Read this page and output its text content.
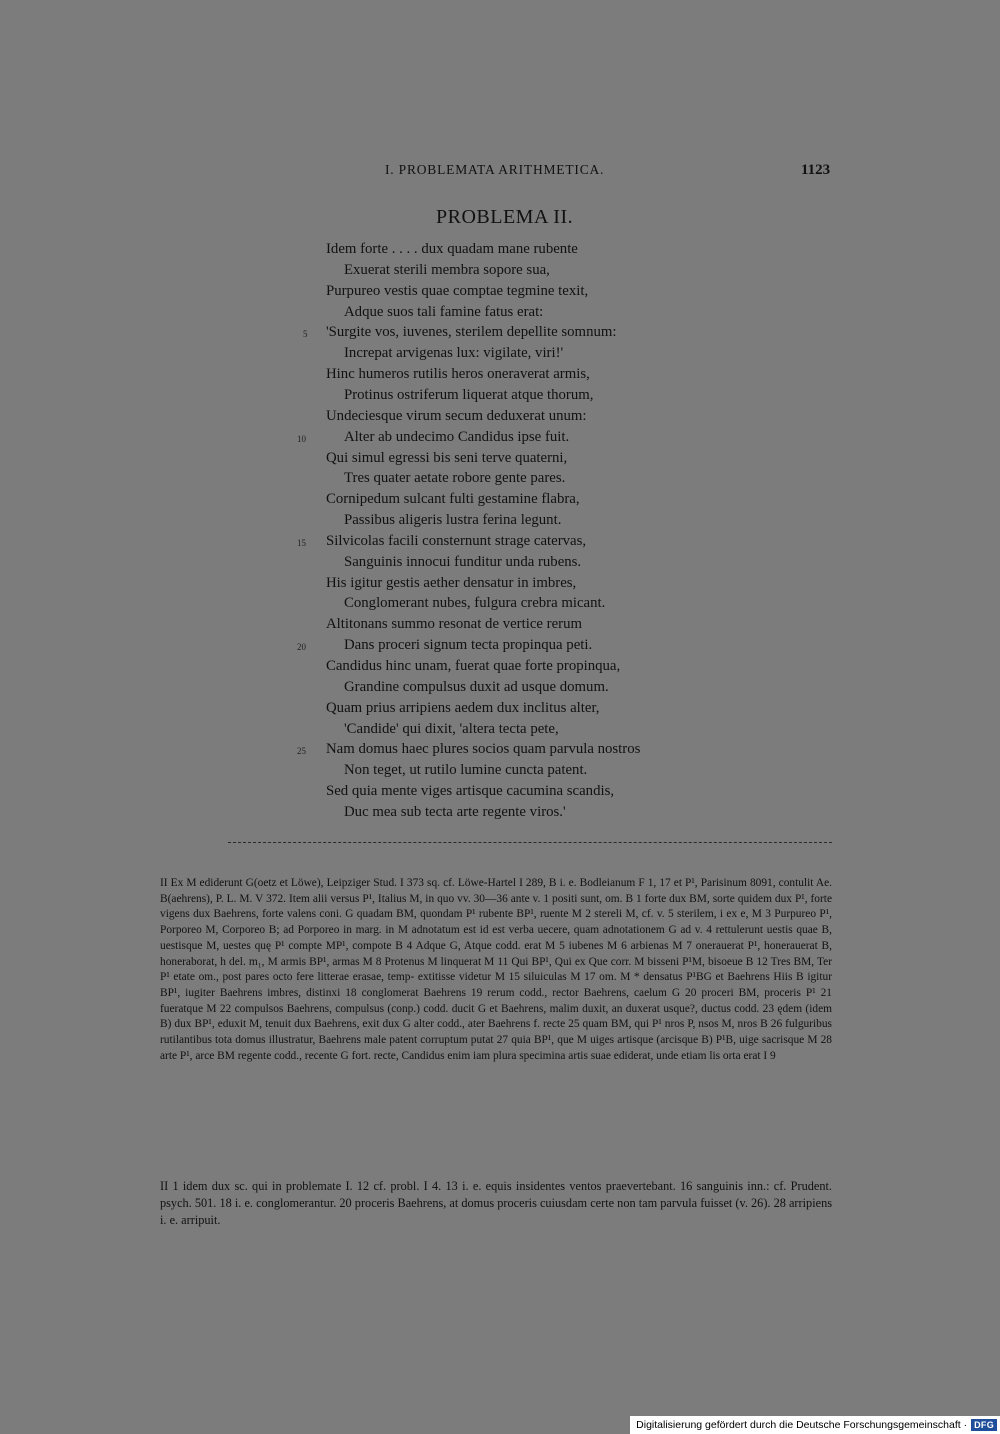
I. PROBLEMATA ARITHMETICA.	1123
PROBLEMA II.
Idem forte . . . . dux quadam mane rubente
Exuerat sterili membra sopore sua,
Purpureo vestis quae comptae tegmine texit,
Adque suos tali famine fatus erat:
'Surgite vos, iuvenes, sterilem depellite somnum:
Increpat arvigenas lux: vigilate, viri!'
Hinc humeros rutilis heros oneraverat armis,
Protinus ostriferum liquerat atque thorum,
Undeciesque virum secum deduxerat unum:
Alter ab undecimo Candidus ipse fuit.
Qui simul egressi bis seni terve quaterni,
Tres quater aetate robore gente pares.
Cornipedum sulcant fulti gestamine flabra,
Passibus aligeris lustra ferina legunt.
Silvicolas facili consternunt strage catervas,
Sanguinis innocui funditur unda rubens.
His igitur gestis aether densatur in imbres,
Conglomerant nubes, fulgura crebra micant.
Altitonans summo resonat de vertice rerum
Dans proceri signum tecta propinqua peti.
Candidus hinc unam, fuerat quae forte propinqua,
Grandine compulsus duxit ad usque domum.
Quam prius arripiens aedem dux inclitus alter,
'Candide' qui dixit, 'altera tecta pete,
Nam domus haec plures socios quam parvula nostros
Non teget, ut rutilo lumine cuncta patent.
Sed quia mente viges artisque cacumina scandis,
Duc mea sub tecta arte regente viros.'
5
10
15
20
25

II Ex M ediderunt G(oetz et Löwe), Leipziger Stud. I 373 sq. cf. Löwe-Hartel I 289, B i. e. Bodleianum F 1, 17 et P¹, Parisinum 8091, contulit Ae. B(aehrens), P. L. M. V 372. Item alii versus P¹, Italius M, in quo vv. 30—36 ante v. 1 positi sunt, om. B 1 forte dux BM, sorte quidem dux P¹, forte vigens dux Baehrens, forte valens coni. G quadam BM, quondam P¹ rubente BP¹, ruente M 2 stereli M, cf. v. 5 sterilem, i ex e, M 3 Purpureo P¹, Porporeo M, Corporeo B; ad Porporeo in marg. in M adnotatum est id est verba uecere, quam adnotationem G ad v. 4 rettulerunt uestis quae B, uestisque M, uestes quę P¹ compte MP¹, compote B 4 Adque G, Atque codd. erat M 5 iubenes M 6 arbienas M 7 onerauerat P¹, honerauerat B, honeraborat, h del. m₁, M armis BP¹, armas M 8 Protenus M linquerat M 11 Qui BP¹, Qui ex Que corr. M bisseni P¹M, bisoeue B 12 Tres BM, Ter P¹ etate om., post pares octo fere litterae erasae, temp- extitisse videtur M 15 siluiculas M 17 om. M * densatus P¹BG et Baehrens Hiis B igitur BP¹, iugiter Baehrens imbres, distinxi 18 conglomerat Baehrens 19 rerum codd., rector Baehrens, caelum G 20 proceri BM, proceris P¹ 21 fueratque M 22 compulsos Baehrens, compulsus (conp.) codd. ducit G et Baehrens, malim duxit, an duxerat usque?, ductus codd. 23 ędem (idem B) dux BP¹, eduxit M, tenuit dux Baehrens, exit dux G alter codd., ater Baehrens f. recte 25 quam BM, qui P¹ nros P, nsos M, nros B 26 fulguribus rutilantibus tota domus illustratur, Baehrens male patent corruptum putat 27 quia BP¹, que M uiges artisque (arcisque B) P¹B, uige sacrisque M 28 arte P¹, arce BM regente codd., recente G fort. recte, Candidus enim iam plura specimina artis suae ediderat, unde etiam lis orta erat I 9

II 1 idem dux sc. qui in problemate I. 12 cf. probl. I 4. 13 i. e. equis insidentes ventos praevertebant. 16 sanguinis inn.: cf. Prudent. psych. 501. 18 i. e. conglomerantur. 20 proceris Baehrens, at domus proceris cuiusdam certe non tam parvula fuisset (v. 26). 28 arripiens i. e. arripuit.
Digitalisierung gefördert durch die Deutsche Forschungsgemeinschaft · DFG
